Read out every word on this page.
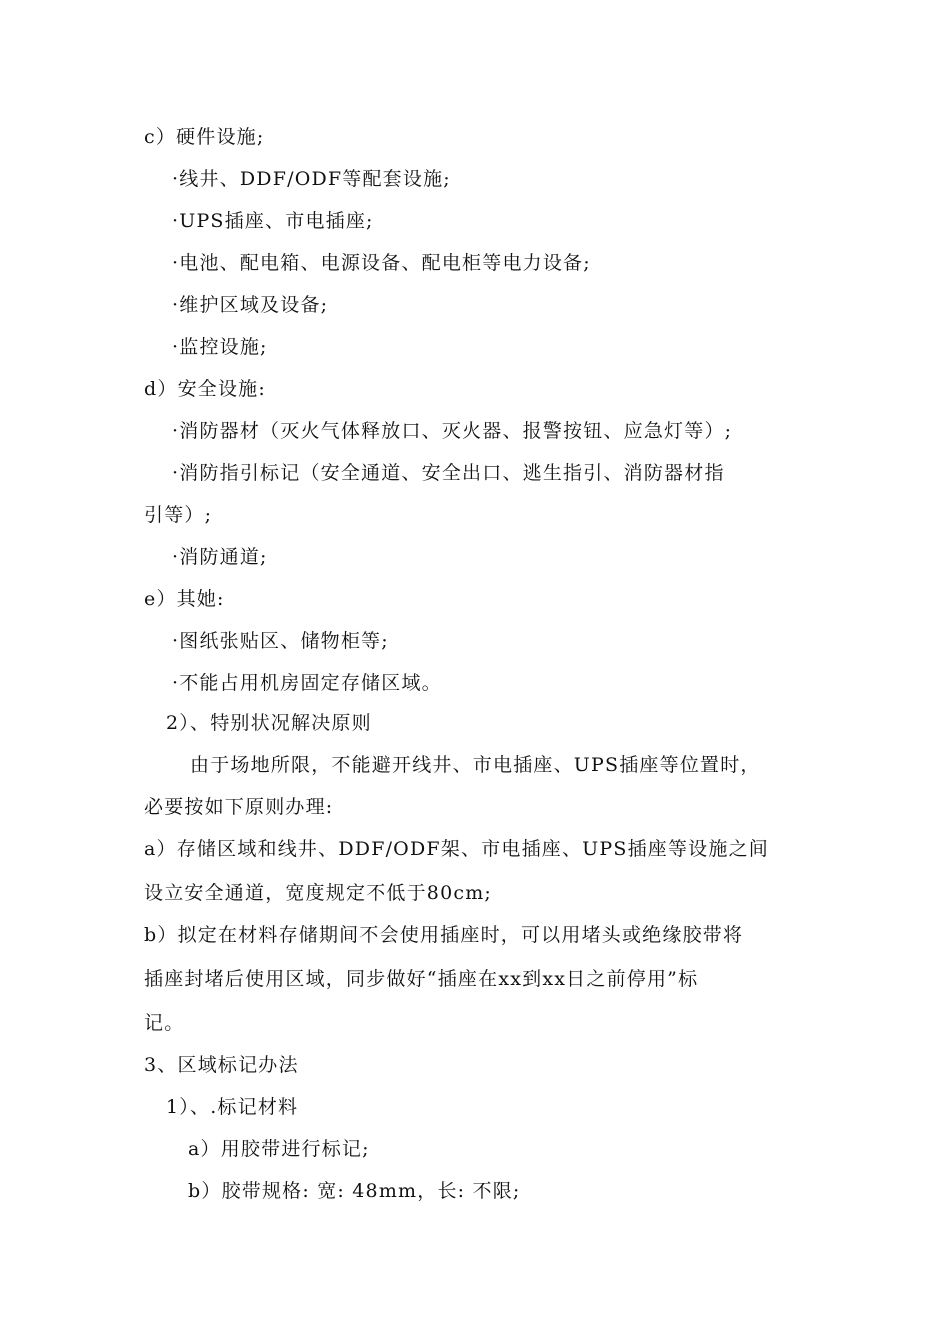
c）硬件设施;
·线井、DDF/ODF等配套设施;
·UPS插座、市电插座;
·电池、配电箱、电源设备、配电柜等电力设备;
·维护区域及设备;
·监控设施;
d）安全设施:
·消防器材（灭火气体释放口、灭火器、报警按钮、应急灯等）;
·消防指引标记（安全通道、安全出口、逃生指引、消防器材指
引等）;
·消防通道;
e）其她:
·图纸张贴区、储物柜等;
·不能占用机房固定存储区域。
2）、特别状况解决原则
由于场地所限，不能避开线井、市电插座、UPS插座等位置时，
必要按如下原则办理:
a）存储区域和线井、DDF/ODF架、市电插座、UPS插座等设施之间
设立安全通道，宽度规定不低于80cm;
b）拟定在材料存储期间不会使用插座时，可以用堵头或绝缘胶带将
插座封堵后使用区域，同步做好“插座在xx到xx日之前停用”标
记。
3、区域标记办法
1）、.标记材料
a）用胶带进行标记;
b）胶带规格: 宽: 48mm，长: 不限;
